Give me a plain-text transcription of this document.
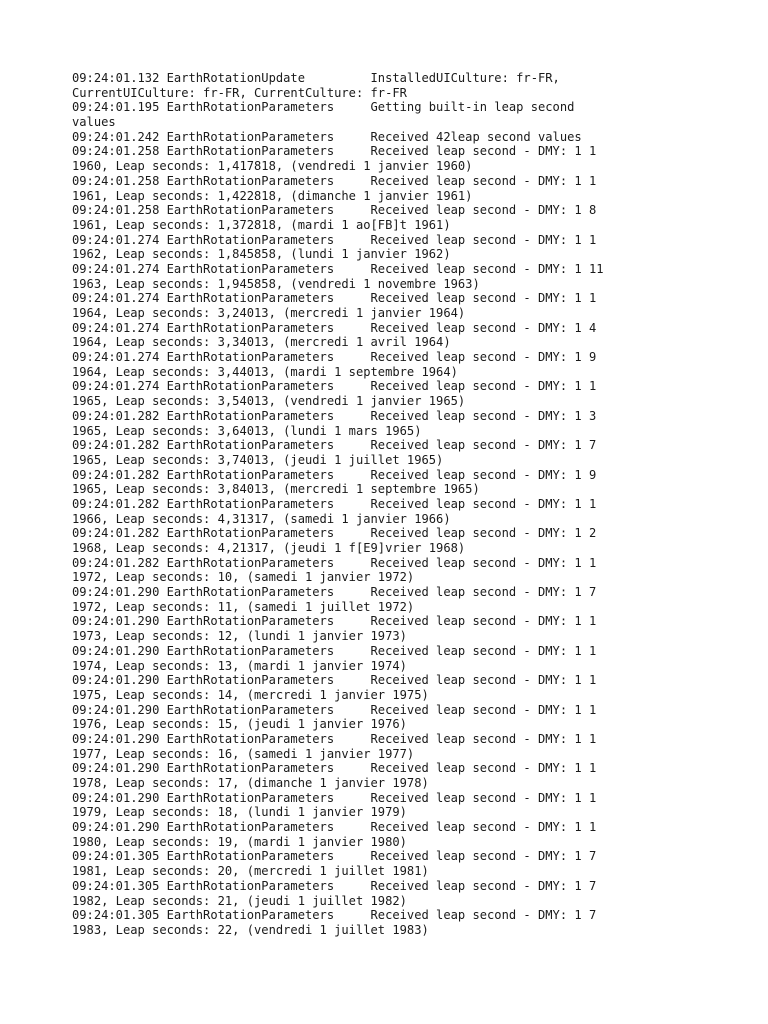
09:24:01.132 EarthRotationUpdate	InstalledUICulture: fr-FR,
CurrentUICulture: fr-FR, CurrentCulture: fr-FR
09:24:01.195 EarthRotationParameters	Getting built-in leap second
values
09:24:01.242 EarthRotationParameters	Received 42leap second values
09:24:01.258 EarthRotationParameters	Received leap second - DMY: 1 1
1960, Leap seconds: 1,417818, (vendredi 1 janvier 1960)
09:24:01.258 EarthRotationParameters	Received leap second - DMY: 1 1
1961, Leap seconds: 1,422818, (dimanche 1 janvier 1961)
09:24:01.258 EarthRotationParameters	Received leap second - DMY: 1 8
1961, Leap seconds: 1,372818, (mardi 1 ao[FB]t 1961)
09:24:01.274 EarthRotationParameters	Received leap second - DMY: 1 1
1962, Leap seconds: 1,845858, (lundi 1 janvier 1962)
09:24:01.274 EarthRotationParameters	Received leap second - DMY: 1 11
1963, Leap seconds: 1,945858, (vendredi 1 novembre 1963)
09:24:01.274 EarthRotationParameters	Received leap second - DMY: 1 1
1964, Leap seconds: 3,24013, (mercredi 1 janvier 1964)
09:24:01.274 EarthRotationParameters	Received leap second - DMY: 1 4
1964, Leap seconds: 3,34013, (mercredi 1 avril 1964)
09:24:01.274 EarthRotationParameters	Received leap second - DMY: 1 9
1964, Leap seconds: 3,44013, (mardi 1 septembre 1964)
09:24:01.274 EarthRotationParameters	Received leap second - DMY: 1 1
1965, Leap seconds: 3,54013, (vendredi 1 janvier 1965)
09:24:01.282 EarthRotationParameters	Received leap second - DMY: 1 3
1965, Leap seconds: 3,64013, (lundi 1 mars 1965)
09:24:01.282 EarthRotationParameters	Received leap second - DMY: 1 7
1965, Leap seconds: 3,74013, (jeudi 1 juillet 1965)
09:24:01.282 EarthRotationParameters	Received leap second - DMY: 1 9
1965, Leap seconds: 3,84013, (mercredi 1 septembre 1965)
09:24:01.282 EarthRotationParameters	Received leap second - DMY: 1 1
1966, Leap seconds: 4,31317, (samedi 1 janvier 1966)
09:24:01.282 EarthRotationParameters	Received leap second - DMY: 1 2
1968, Leap seconds: 4,21317, (jeudi 1 f[E9]vrier 1968)
09:24:01.282 EarthRotationParameters	Received leap second - DMY: 1 1
1972, Leap seconds: 10, (samedi 1 janvier 1972)
09:24:01.290 EarthRotationParameters	Received leap second - DMY: 1 7
1972, Leap seconds: 11, (samedi 1 juillet 1972)
09:24:01.290 EarthRotationParameters	Received leap second - DMY: 1 1
1973, Leap seconds: 12, (lundi 1 janvier 1973)
09:24:01.290 EarthRotationParameters	Received leap second - DMY: 1 1
1974, Leap seconds: 13, (mardi 1 janvier 1974)
09:24:01.290 EarthRotationParameters	Received leap second - DMY: 1 1
1975, Leap seconds: 14, (mercredi 1 janvier 1975)
09:24:01.290 EarthRotationParameters	Received leap second - DMY: 1 1
1976, Leap seconds: 15, (jeudi 1 janvier 1976)
09:24:01.290 EarthRotationParameters	Received leap second - DMY: 1 1
1977, Leap seconds: 16, (samedi 1 janvier 1977)
09:24:01.290 EarthRotationParameters	Received leap second - DMY: 1 1
1978, Leap seconds: 17, (dimanche 1 janvier 1978)
09:24:01.290 EarthRotationParameters	Received leap second - DMY: 1 1
1979, Leap seconds: 18, (lundi 1 janvier 1979)
09:24:01.290 EarthRotationParameters	Received leap second - DMY: 1 1
1980, Leap seconds: 19, (mardi 1 janvier 1980)
09:24:01.305 EarthRotationParameters	Received leap second - DMY: 1 7
1981, Leap seconds: 20, (mercredi 1 juillet 1981)
09:24:01.305 EarthRotationParameters	Received leap second - DMY: 1 7
1982, Leap seconds: 21, (jeudi 1 juillet 1982)
09:24:01.305 EarthRotationParameters	Received leap second - DMY: 1 7
1983, Leap seconds: 22, (vendredi 1 juillet 1983)
